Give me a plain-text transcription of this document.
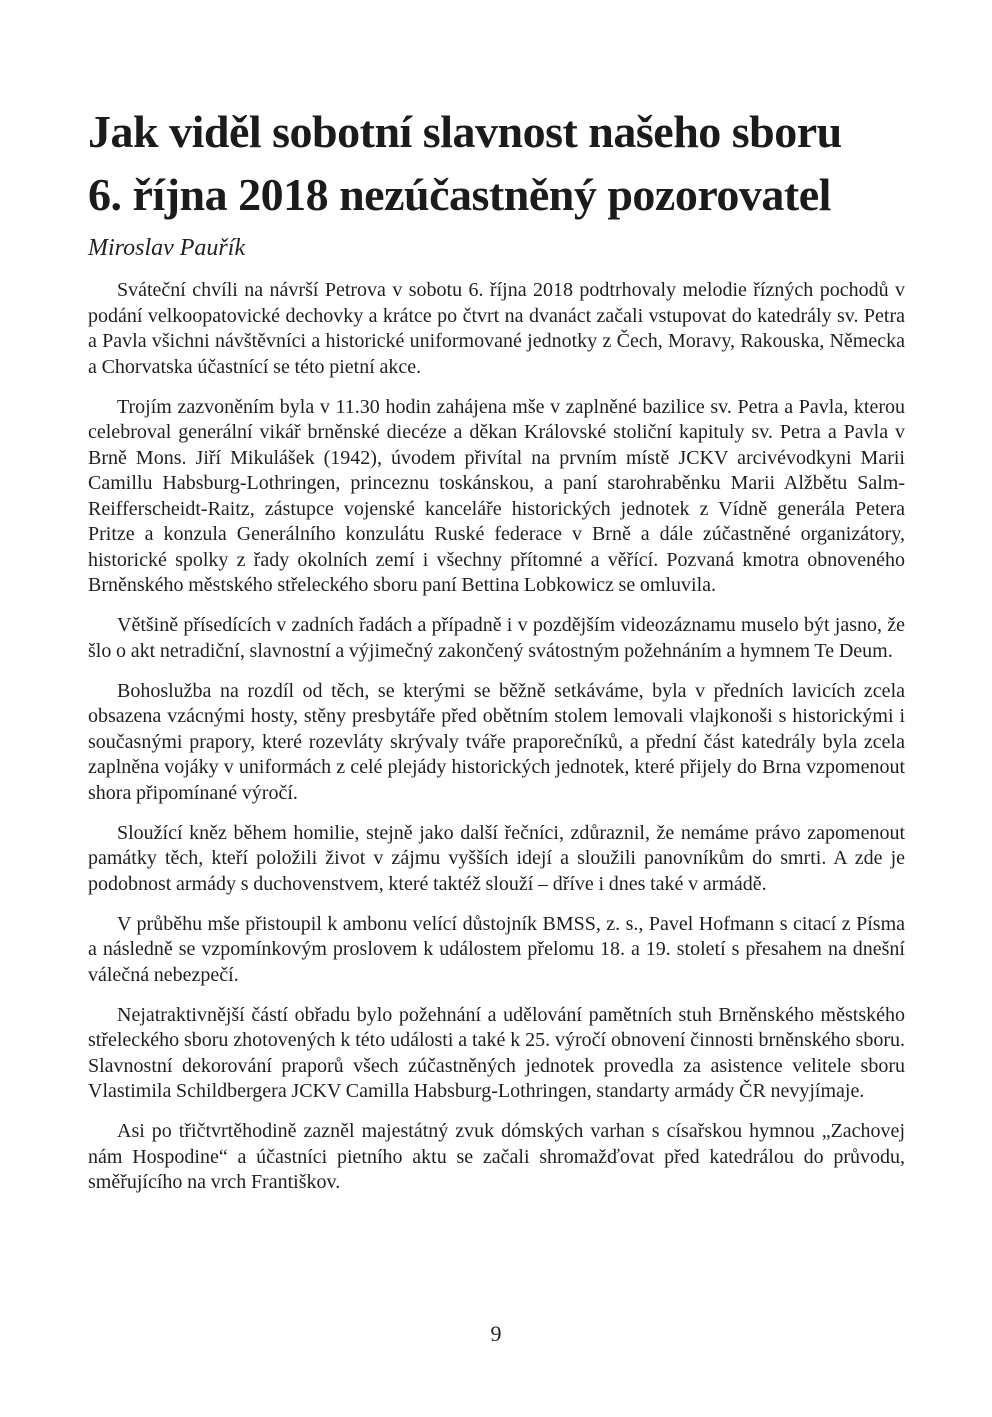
Jak viděl sobotní slavnost našeho sboru
6. října 2018 nezúčastněný pozorovatel
Miroslav Pauřík

Sváteční chvíli na návrší Petrova v sobotu 6. října 2018 podtrhovaly melodie řízných pochodů v podání velkoopatovické dechovky a krátce po čtvrt na dvanáct začali vstupovat do katedrály sv. Petra a Pavla všichni návštěvníci a historické uniformované jednotky z Čech, Moravy, Rakouska, Německa a Chorvatska účastnící se této pietní akce.

Trojím zazvoněním byla v 11.30 hodin zahájena mše v zaplněné bazilice sv. Petra a Pavla, kterou celebroval generální vikář brněnské diecéze a děkan Královské stoliční kapituly sv. Petra a Pavla v Brně Mons. Jiří Mikulášek (1942), úvodem přivítal na prvním místě JCKV arcivévodkyni Marii Camillu Habsburg-Lothringen, princeznu toskánskou, a paní starohraběnku Marii Alžbětu Salm-Reifferscheidt-Raitz, zástupce vojenské kanceláře historických jednotek z Vídně generála Petera Pritze a konzula Generálního konzulátu Ruské federace v Brně a dále zúčastněné organizátory, historické spolky z řady okolních zemí i všechny přítomné a věřící. Pozvaná kmotra obnoveného Brněnského městského střeleckého sboru paní Bettina Lobkowicz se omluvila.

Většině přísedících v zadních řadách a případně i v pozdějším videozáznamu muselo být jasno, že šlo o akt netradiční, slavnostní a výjimečný zakončený svátostným požehnáním a hymnem Te Deum.

Bohoslužba na rozdíl od těch, se kterými se běžně setkáváme, byla v předních lavicích zcela obsazena vzácnými hosty, stěny presbytáře před obětním stolem lemovali vlajkonoši s historickými i současnými prapory, které rozevláty skrývaly tváře praporečníků, a přední část katedrály byla zcela zaplněna vojáky v uniformách z celé plejády historických jednotek, které přijely do Brna vzpomenout shora připomínané výročí.

Sloužící kněz během homilie, stejně jako další řečníci, zdůraznil, že nemáme právo zapomenout památky těch, kteří položili život v zájmu vyšších idejí a sloužili panovníkům do smrti. A zde je podobnost armády s duchovenstvem, které taktéž slouží – dříve i dnes také v armádě.

V průběhu mše přistoupil k ambonu velící důstojník BMSS, z. s., Pavel Hofmann s citací z Písma a následně se vzpomínkovým proslovem k událostem přelomu 18. a 19. století s přesahem na dnešní válečná nebezpečí.

Nejatraktivnější částí obřadu bylo požehnání a udělování pamětních stuh Brněnského městského střeleckého sboru zhotovených k této události a také k 25. výročí obnovení činnosti brněnského sboru. Slavnostní dekorování praporů všech zúčastněných jednotek provedla za asistence velitele sboru Vlastimila Schildbergera JCKV Camilla Habsburg-Lothringen, standarty armády ČR nevyjímaje.

Asi po třičtvrtěhodině zazněl majestátný zvuk dómských varhan s císařskou hymnou „Zachovej nám Hospodine“ a účastníci pietního aktu se začali shromažďovat před katedrálou do průvodu, směřujícího na vrch Františkov.

9
